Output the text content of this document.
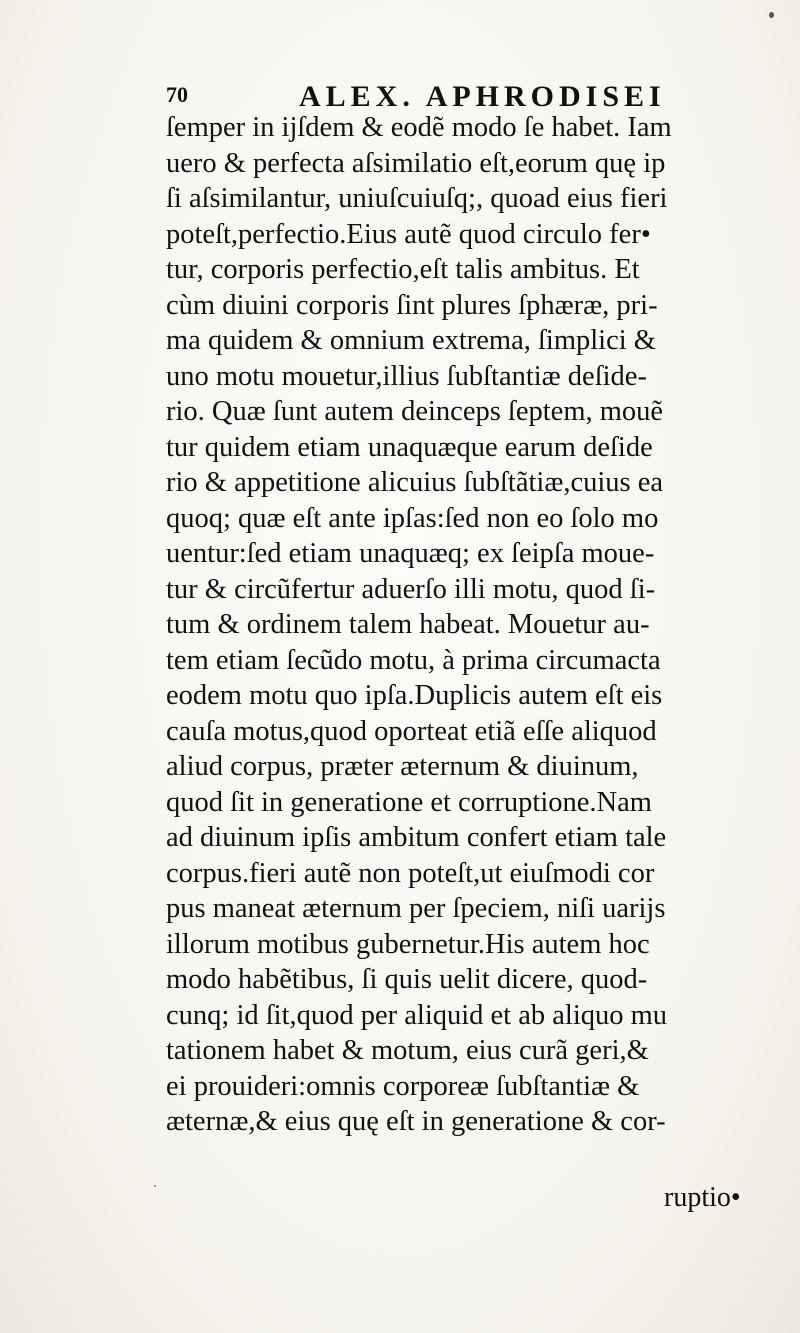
70	ALEX. APHRODISEI
ſemper in ijſdem & eodẽ modo ſe habet. Iam
uero & perfecta aſsimilatio eſt,eorum quę ip
ſi aſsimilantur, uniuſcuiuſq;, quoad eius fieri
poteſt,perfectio.Eius autẽ quod circulo fer•
tur, corporis perfectio,eſt talis ambitus. Et
cùm diuini corporis ſint plures ſphæræ, pri-
ma quidem & omnium extrema, ſimplici &
uno motu mouetur,illius ſubſtantiæ deſide-
rio. Quæ ſunt autem deinceps ſeptem, mouẽ
tur quidem etiam unaquæque earum deſide
rio & appetitione alicuius ſubſtãtiæ,cuius ea
quoq; quæ eſt ante ipſas:ſed non eo ſolo mo
uentur:ſed etiam unaquæq; ex ſeipſa moue-
tur & circũfertur aduerſo illi motu, quod ſi-
tum & ordinem talem habeat. Mouetur au-
tem etiam ſecũdo motu, à prima circumacta
eodem motu quo ipſa.Duplicis autem eſt eis
cauſa motus,quod oporteat etiã eſſe aliquod
aliud corpus, præter æternum & diuinum,
quod ſit in generatione et corruptione.Nam
ad diuinum ipſis ambitum confert etiam tale
corpus.fieri autẽ non poteſt,ut eiuſmodi cor
pus maneat æternum per ſpeciem, niſi uarijs
illorum motibus gubernetur.His autem hoc
modo habẽtibus, ſi quis uelit dicere, quod-
cunq; id ſit,quod per aliquid et ab aliquo mu
tationem habet & motum, eius curã geri,&
ei prouideri:omnis corporeæ ſubſtantiæ &
æternæ,& eius quę eſt in generatione & cor-
ruptio•
